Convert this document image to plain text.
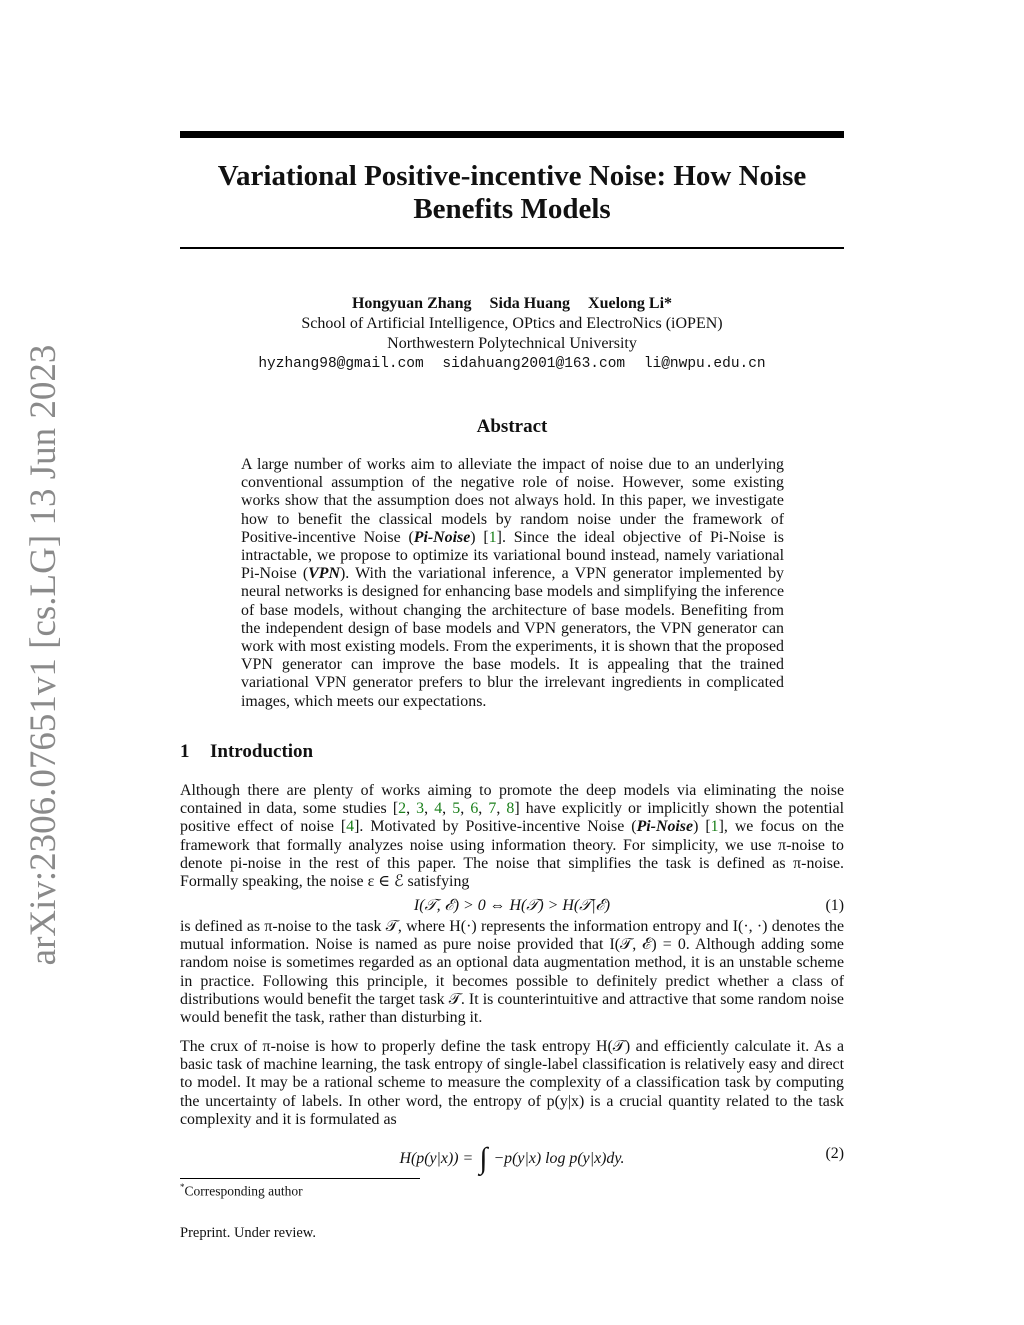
arXiv:2306.07651v1 [cs.LG] 13 Jun 2023
Variational Positive-incentive Noise: How Noise Benefits Models
Hongyuan Zhang Sida Huang Xuelong Li*
School of Artificial Intelligence, OPtics and ElectroNics (iOPEN)
Northwestern Polytechnical University
hyzhang98@gmail.com sidahuang2001@163.com li@nwpu.edu.cn
Abstract
A large number of works aim to alleviate the impact of noise due to an underlying conventional assumption of the negative role of noise. However, some existing works show that the assumption does not always hold. In this paper, we investigate how to benefit the classical models by random noise under the framework of Positive-incentive Noise (Pi-Noise) [1]. Since the ideal objective of Pi-Noise is intractable, we propose to optimize its variational bound instead, namely variational Pi-Noise (VPN). With the variational inference, a VPN generator implemented by neural networks is designed for enhancing base models and simplifying the inference of base models, without changing the architecture of base models. Benefiting from the independent design of base models and VPN generators, the VPN generator can work with most existing models. From the experiments, it is shown that the proposed VPN generator can improve the base models. It is appealing that the trained variational VPN generator prefers to blur the irrelevant ingredients in complicated images, which meets our expectations.
1 Introduction
Although there are plenty of works aiming to promote the deep models via eliminating the noise contained in data, some studies [2, 3, 4, 5, 6, 7, 8] have explicitly or implicitly shown the potential positive effect of noise [4]. Motivated by Positive-incentive Noise (Pi-Noise) [1], we focus on the framework that formally analyzes noise using information theory. For simplicity, we use π-noise to denote pi-noise in the rest of this paper. The noise that simplifies the task is defined as π-noise. Formally speaking, the noise ε ∈ ℰ satisfying
I(𝒯, ℰ) > 0 ⇔ H(𝒯) > H(𝒯|ℰ)	(1)
is defined as π-noise to the task 𝒯, where H(·) represents the information entropy and I(·, ·) denotes the mutual information. Noise is named as pure noise provided that I(𝒯, ℰ) = 0. Although adding some random noise is sometimes regarded as an optional data augmentation method, it is an unstable scheme in practice. Following this principle, it becomes possible to definitely predict whether a class of distributions would benefit the target task 𝒯. It is counterintuitive and attractive that some random noise would benefit the task, rather than disturbing it.
The crux of π-noise is how to properly define the task entropy H(𝒯) and efficiently calculate it. As a basic task of machine learning, the task entropy of single-label classification is relatively easy and direct to model. It may be a rational scheme to measure the complexity of a classification task by computing the uncertainty of labels. In other word, the entropy of p(y|x) is a crucial quantity related to the task complexity and it is formulated as
H(p(y|x)) = ∫ −p(y|x) log p(y|x)dy.	(2)
*Corresponding author
Preprint. Under review.
